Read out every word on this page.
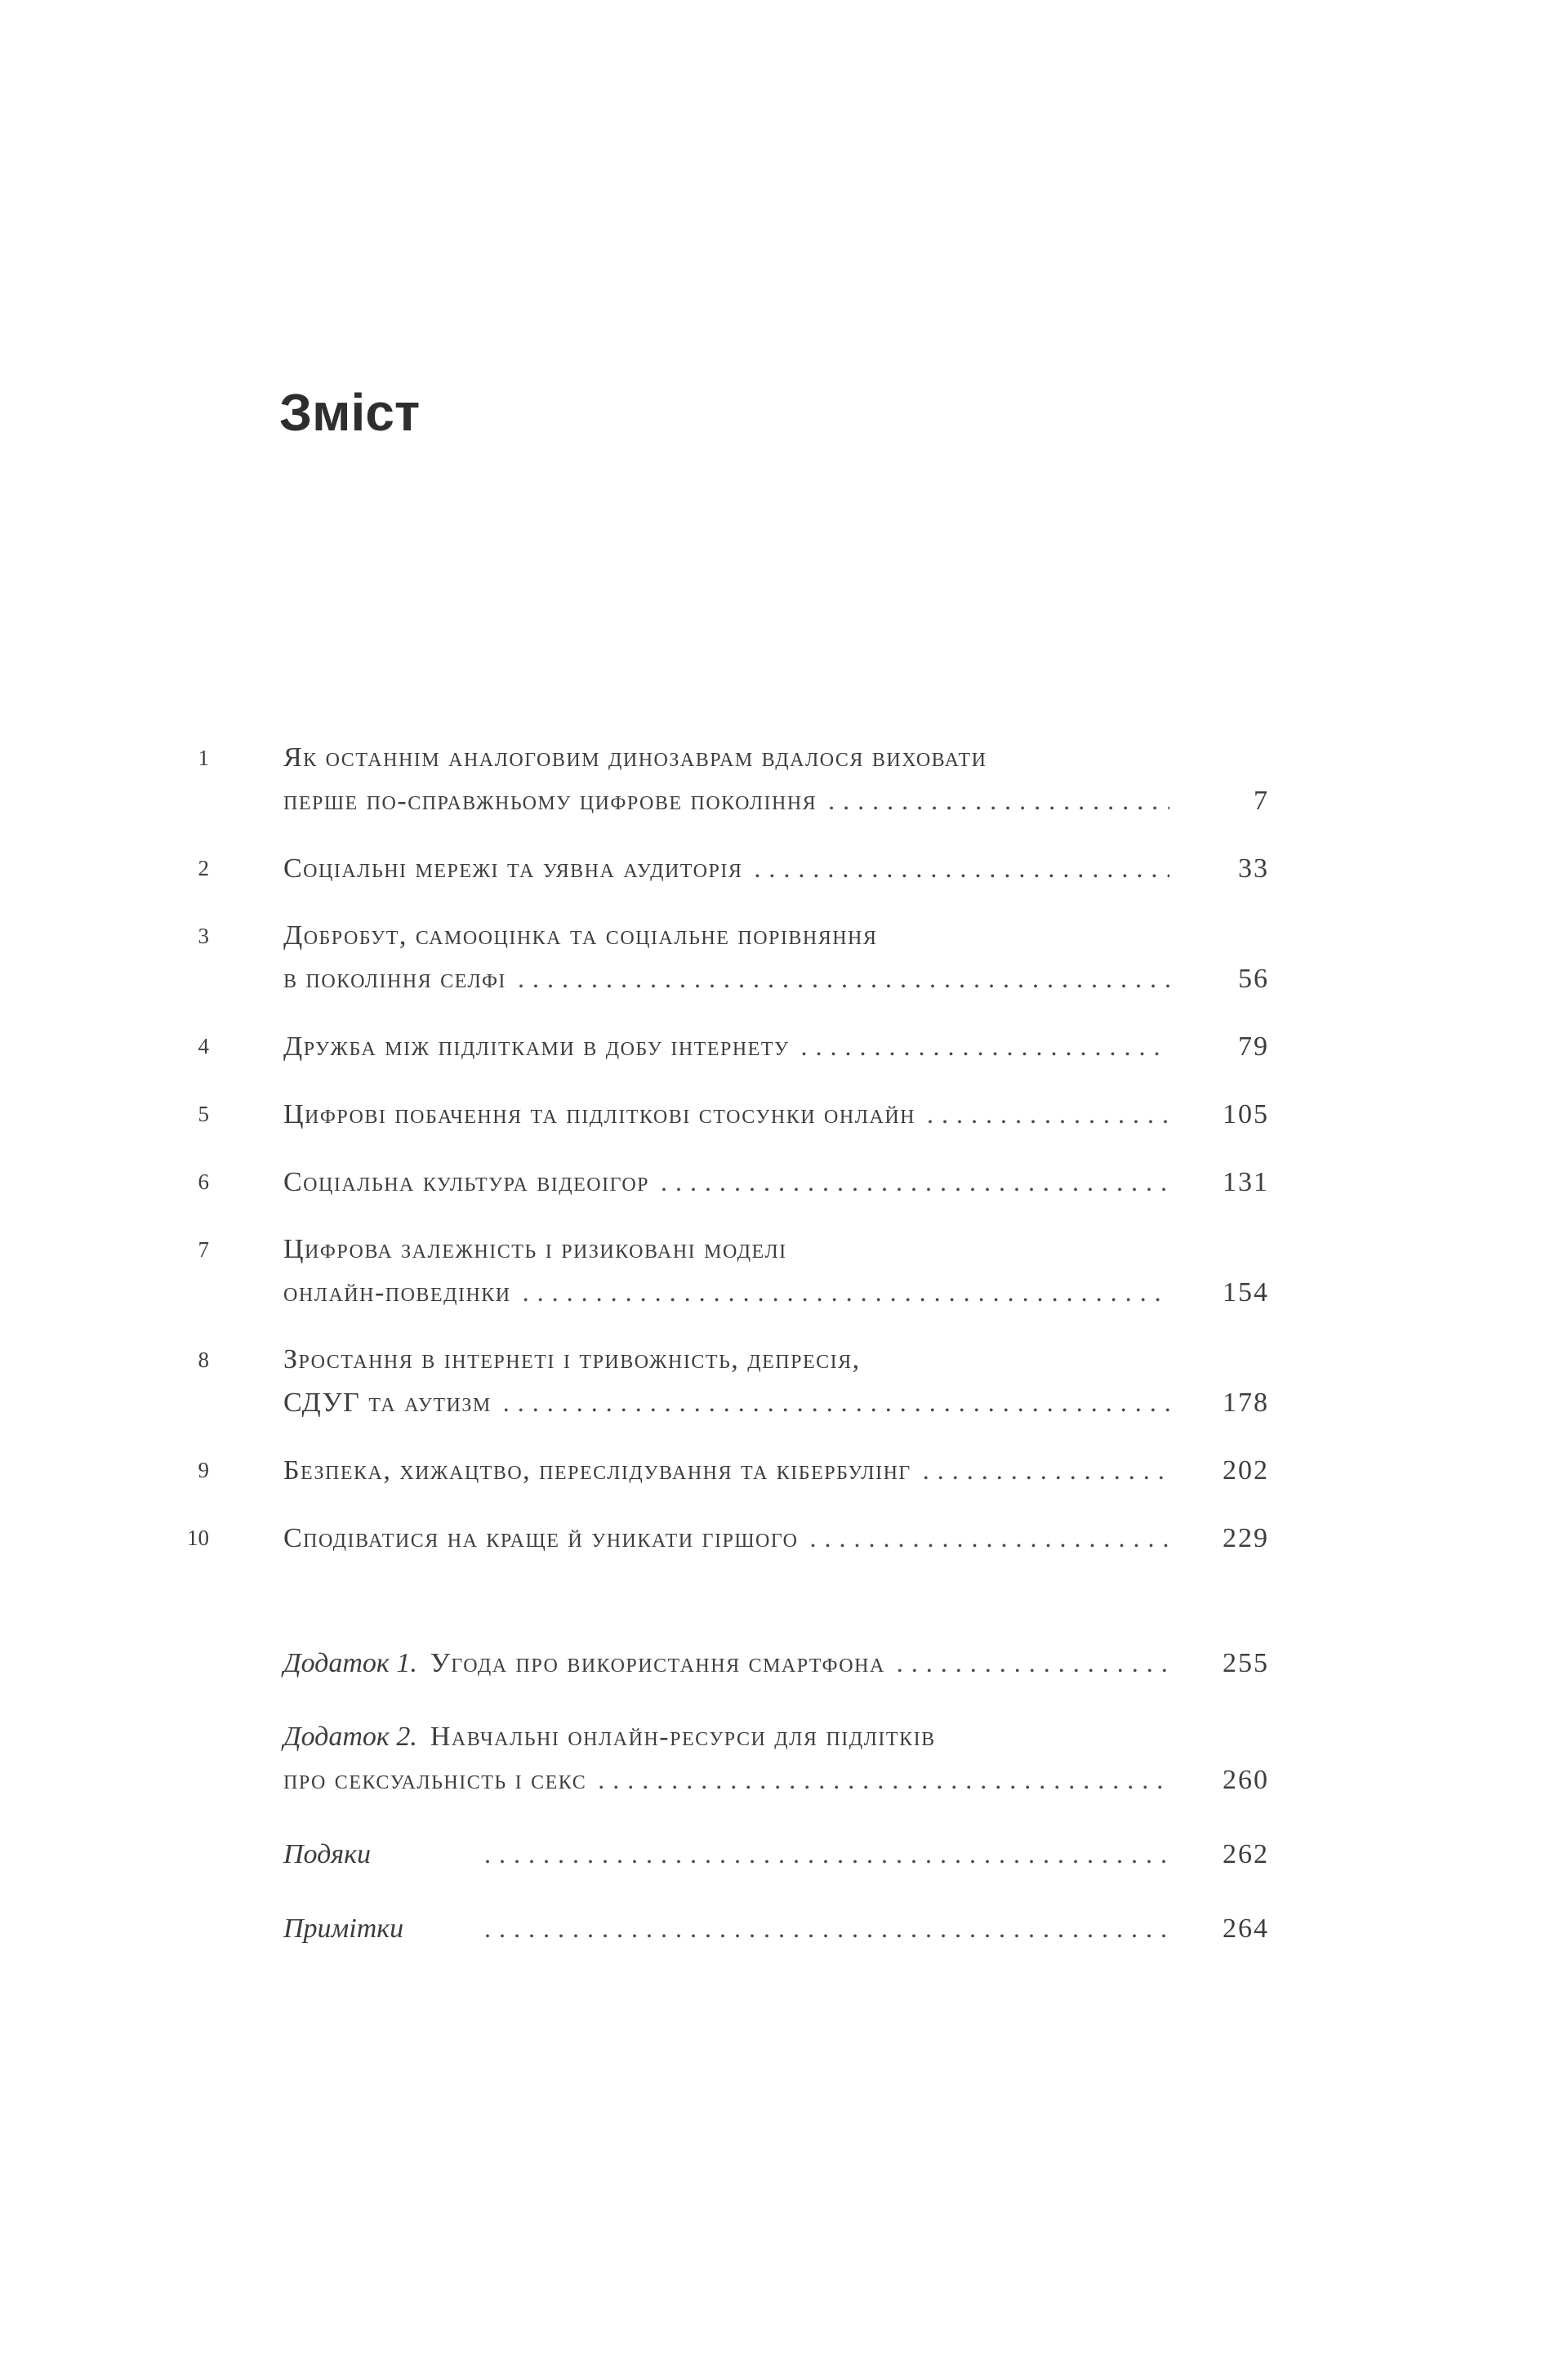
Зміст
1	Як останнім аналоговим динозаврам вдалося виховати
перше по-справжньому цифрове покоління . . .	7
2	Соціальні мережі та уявна аудиторія . . .	33
3	Добробут, самооцінка та соціальне порівняння
в покоління селфі . . .	56
4	Дружба між підлітками в добу інтернету . . .	79
5	Цифрові побачення та підліткові стосунки онлайн . . .	105
6	Соціальна культура відеоігор . . .	131
7	Цифрова залежність і ризиковані моделі
онлайн-поведінки . . .	154
8	Зростання в інтернеті і тривожність, депресія,
СДУГ та аутизм . . .	178
9	Безпека, хижацтво, переслідування та кібербулінг . . .	202
10	Сподіватися на краще й уникати гіршого . . .	229
Додаток 1. Угода про використання смартфона . . .	255
Додаток 2. Навчальні онлайн-ресурси для підлітків
про сексуальність і секс . . .	260
Подяки . . .	262
Примітки . . .	264
